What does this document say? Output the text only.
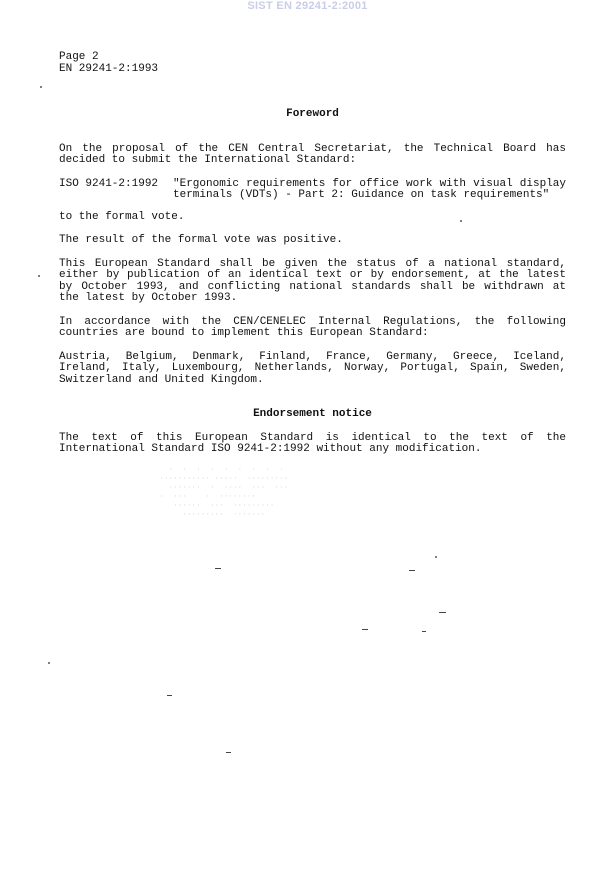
SIST EN 29241-2:2001
Page 2
EN 29241-2:1993
Foreword

On the proposal of the CEN Central Secretariat, the Technical Board has decided to submit the International Standard:

ISO 9241-2:1992	"Ergonomic requirements for office work with visual display terminals (VDTs) - Part 2: Guidance on task requirements"

to the formal vote.

The result of the formal vote was positive.

This European Standard shall be given the status of a national standard, either by publication of an identical text or by endorsement, at the latest by October 1993, and conflicting national standards shall be withdrawn at the latest by October 1993.

In accordance with the CEN/CENELEC Internal Regulations, the following countries are bound to implement this European Standard:

Austria, Belgium, Denmark, Finland, France, Germany, Greece, Iceland, Ireland, Italy, Luxembourg, Netherlands, Norway, Portugal, Spain, Sweden, Switzerland and United Kingdom.

Endorsement notice

The text of this European Standard is identical to the text of the International Standard ISO 9241-2:1992 without any modification.

·  ·  ·  ·  ·  ·  ·  ·  ·
··········· ·····  ·········
·······  ·  ····  ···  ···
·  ···    ·  ········
······  ···  ·········
·········  ·······
